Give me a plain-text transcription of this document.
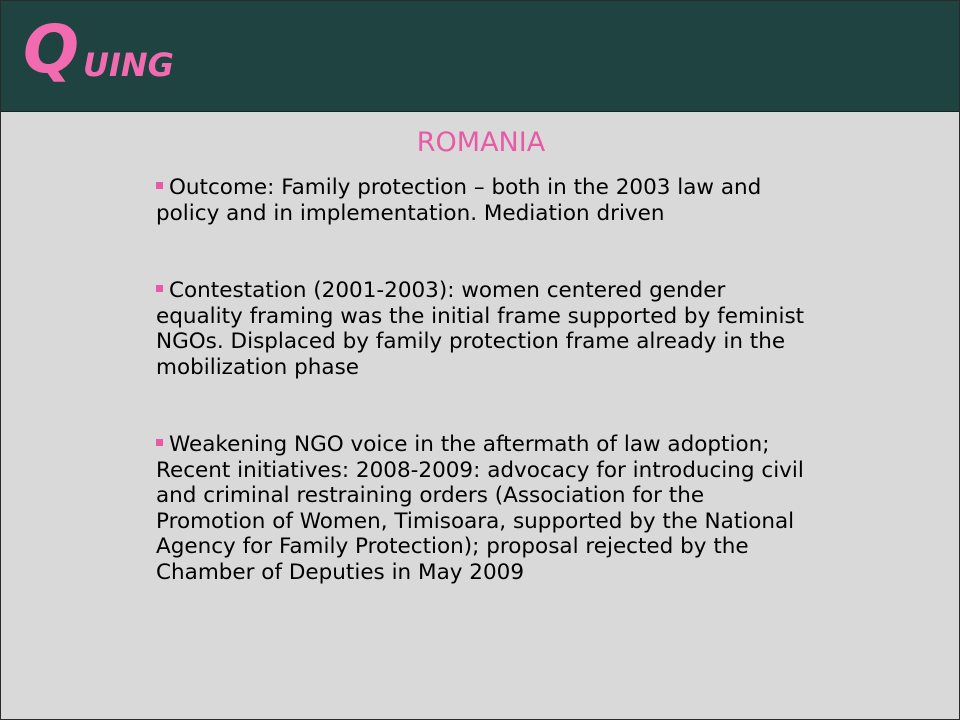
Q UING
ROMANIA
Outcome: Family protection – both in the 2003 law and policy and in implementation. Mediation driven
Contestation (2001-2003): women centered gender equality framing was the initial frame supported by feminist NGOs. Displaced by family protection frame already in the mobilization phase
Weakening NGO voice in the aftermath of law adoption; Recent initiatives: 2008-2009: advocacy for introducing civil and criminal restraining orders (Association for the Promotion of Women, Timisoara, supported by the National Agency for Family Protection); proposal rejected by the Chamber of Deputies in May 2009
